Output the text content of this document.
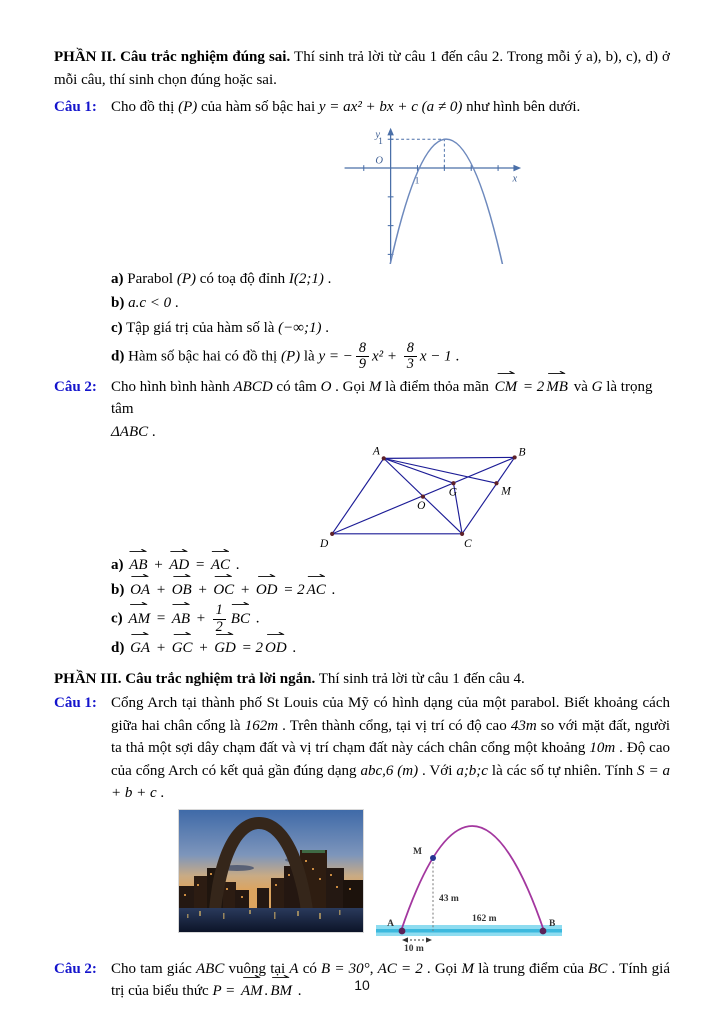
PHẦN II. Câu trắc nghiệm đúng sai. Thí sinh trả lời từ câu 1 đến câu 2. Trong mỗi ý a), b), c), d) ở mỗi câu, thí sinh chọn đúng hoặc sai.

Câu 1: Cho đồ thị (P) của hàm số bậc hai y = ax² + bx + c (a ≠ 0) như hình bên dưới.
y
x
O
1
1
a) Parabol (P) có toạ độ đỉnh I(2;1) .
b) a.c < 0 .
c) Tập giá trị của hàm số là (−∞;1) .
d) Hàm số bậc hai có đồ thị (P) là y = − $\frac{8}{9} x^2 + \frac{8}{3}$ x − 1 .
Câu 2: Cho hình bình hành ABCD có tâm O . Gọi M là điểm thỏa mãn CM ⇀ = 2 MB ⇀ và G là trọng tâm
ΔABC .
A	B
C
D
O
G	M
a) AB ⇀ + AD ⇀ = AC ⇀ .
b) OA ⇀ + OB ⇀ + OC ⇀ + OD ⇀ = 2 AC ⇀ .
c) AM ⇀ = AB ⇀ + $\frac{1}{2}$ BC ⇀ .
d) GA ⇀ + GC ⇀ + GD ⇀ = 2 OD ⇀ .

PHẦN III. Câu trắc nghiệm trả lời ngắn. Thí sinh trả lời từ câu 1 đến câu 4.

Câu 1: Cổng Arch tại thành phố St Louis của Mỹ có hình dạng của một parabol. Biết khoảng cách giữa hai chân cổng là 162m . Trên thành cổng, tại vị trí có độ cao 43m so với mặt đất, người ta thả một sợi dây chạm đất và vị trí chạm đất này cách chân cổng một khoảng 10m . Độ cao của cổng Arch có kết quả gần đúng dạng abc,6 (m) . Với a;b;c là các số tự nhiên. Tính S = a + b + c .
M
A	B
43 m
162 m
10 m
Câu 2: Cho tam giác ABC vuông tại A có B = 30°, AC = 2 . Gọi M là trung điểm của BC . Tính giá trị của biểu thức P = AM ⇀ . BM ⇀ .	10
